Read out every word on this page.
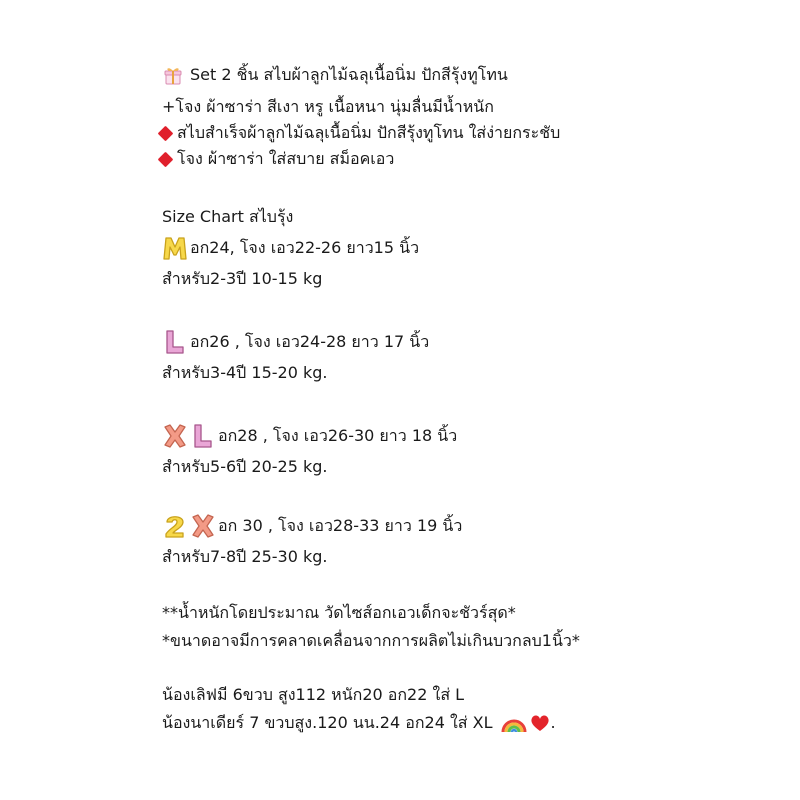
Set 2 ชิ้น สไบผ้าลูกไม้ฉลุเนื้อนิ่ม ปักสีรุ้งทูโทน
+โจง ผ้าซาร่า สีเงา หรู เนื้อหนา นุ่มลื่นมีน้ำหนัก
สไบสำเร็จผ้าลูกไม้ฉลุเนื้อนิ่ม ปักสีรุ้งทูโทน ใส่ง่ายกระชับ
โจง ผ้าซาร่า ใส่สบาย สม็อคเอว
Size Chart สไบรุ้ง
อก24, โจง เอว22-26 ยาว15 นิ้ว
สำหรับ2-3ปี 10-15 kg
อก26 , โจง เอว24-28 ยาว 17 นิ้ว
สำหรับ3-4ปี 15-20 kg.
อก28 , โจง เอว26-30 ยาว 18 นิ้ว
สำหรับ5-6ปี 20-25 kg.
อก 30 , โจง เอว28-33 ยาว 19 นิ้ว
สำหรับ7-8ปี 25-30 kg.
**น้ำหนักโดยประมาณ วัดไซส์อกเอวเด็กจะชัวร์สุด*
*ขนาดอาจมีการคลาดเคลื่อนจากการผลิตไม่เกินบวกลบ1นิ้ว*
น้องเลิฟมี 6ขวบ สูง112 หนัก20 อก22 ใส่ L
น้องนาเดียร์ 7 ขวบสูง.120 นน.24 อก24 ใส่ XL	.
